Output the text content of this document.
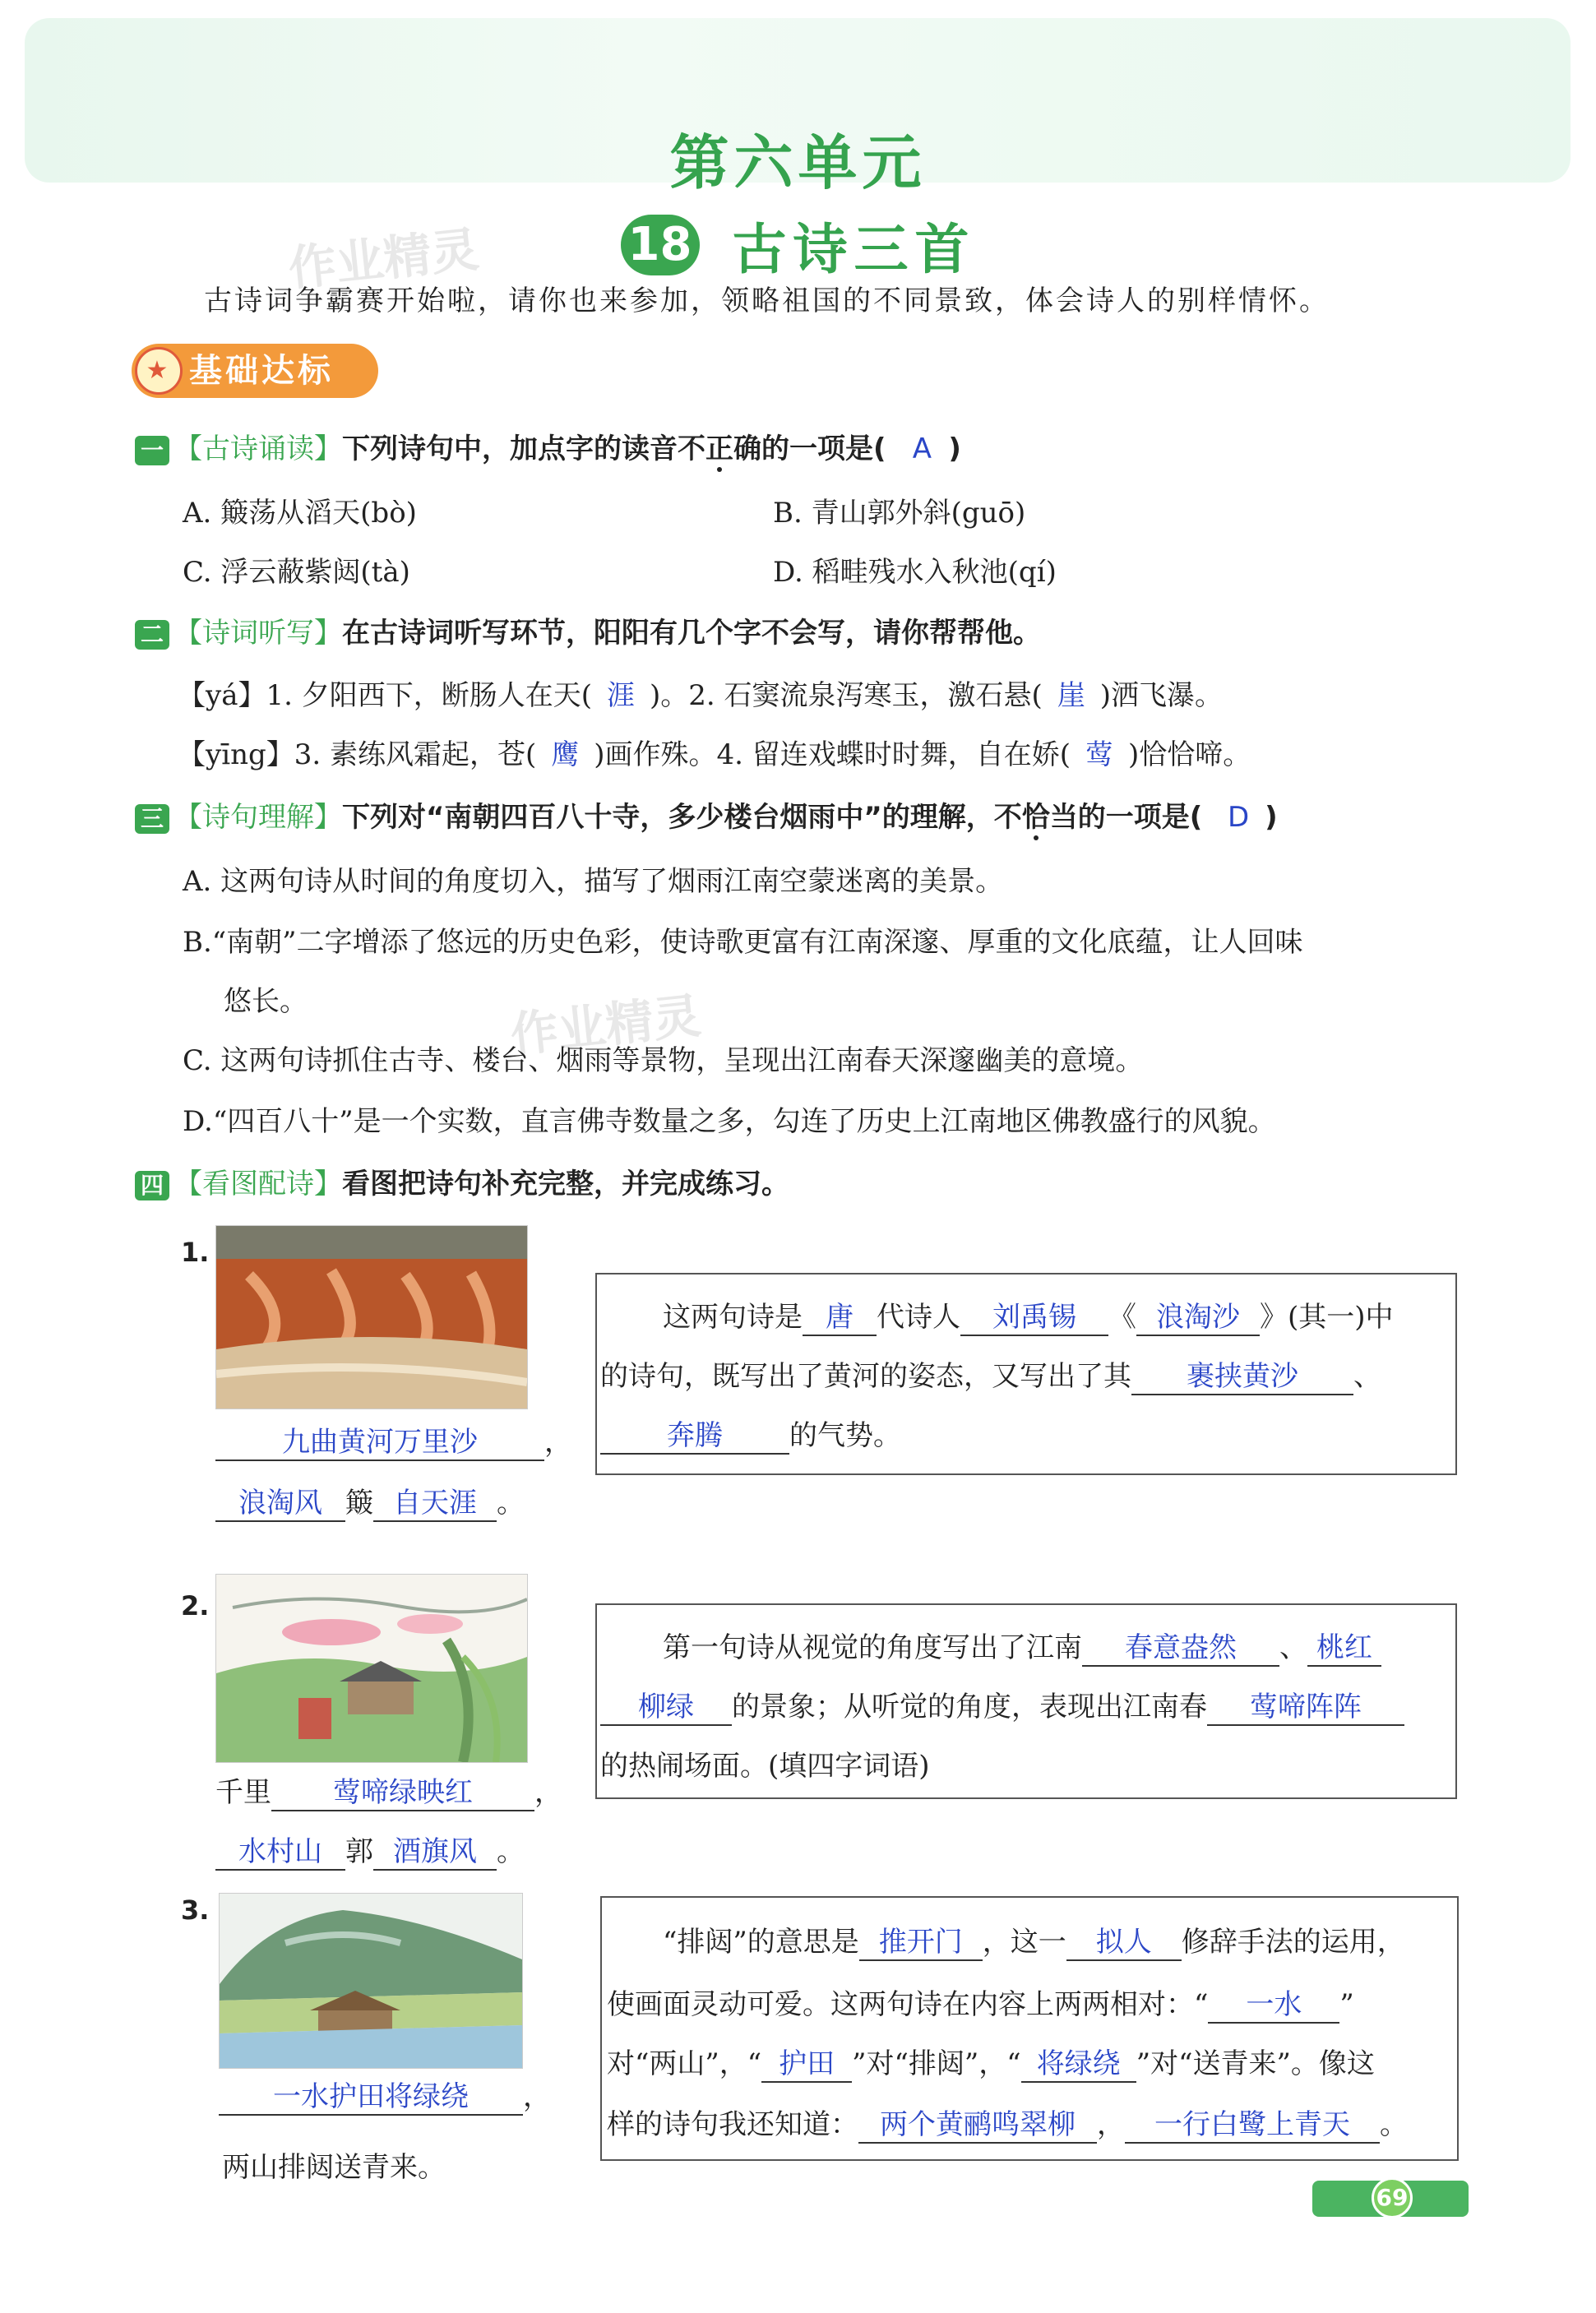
第六单元
18 古诗三首
作业精灵
作业精灵
古诗词争霸赛开始啦，请你也来参加，领略祖国的不同景致，体会诗人的别样情怀。
★ 基础达标
一 【古诗诵读】下列诗句中，加点字的读音不正确的一项是( A )
A. 簸荡从滔天(bò)	B. 青山郭外斜(guō)
C. 浮云蔽紫闼(tà)	D. 稻畦残水入秋池(qí)
二 【诗词听写】在古诗词听写环节，阳阳有几个字不会写，请你帮帮他。
【yá】1. 夕阳西下，断肠人在天( 涯 )。2. 石窦流泉泻寒玉，激石悬( 崖 )洒飞瀑。
【yīng】3. 素练风霜起，苍( 鹰 )画作殊。4. 留连戏蝶时时舞，自在娇( 莺 )恰恰啼。
三 【诗句理解】下列对“南朝四百八十寺，多少楼台烟雨中”的理解，不恰当的一项是( D )
A. 这两句诗从时间的角度切入，描写了烟雨江南空蒙迷离的美景。
B.“南朝”二字增添了悠远的历史色彩，使诗歌更富有江南深邃、厚重的文化底蕴，让人回味
悠长。
C. 这两句诗抓住古寺、楼台、烟雨等景物，呈现出江南春天深邃幽美的意境。
D.“四百八十”是一个实数，直言佛寺数量之多，勾连了历史上江南地区佛教盛行的风貌。
四 【看图配诗】看图把诗句补充完整，并完成练习。
1.
九曲黄河万里沙 ，
浪淘风 簸 自天涯 。
这两句诗是 唐 代诗人 刘禹锡 《 浪淘沙 》(其一)中
的诗句，既写出了黄河的姿态，又写出了其 裹挟黄沙 、
奔腾 的气势。
2.
千里 莺啼绿映红 ，
水村山 郭 酒旗风 。
第一句诗从视觉的角度写出了江南 春意盎然 、 桃红
柳绿 的景象；从听觉的角度，表现出江南春 莺啼阵阵
的热闹场面。(填四字词语)
3.
一水护田将绿绕 ，
两山排闼送青来。
“排闼”的意思是 推开门 ，这一 拟人 修辞手法的运用，
使画面灵动可爱。这两句诗在内容上两两相对：“ 一水 ”
对“两山”，“ 护田 ”对“排闼”，“ 将绿绕 ”对“送青来”。像这
样的诗句我还知道： 两个黄鹂鸣翠柳 ， 一行白鹭上青天 。
69
